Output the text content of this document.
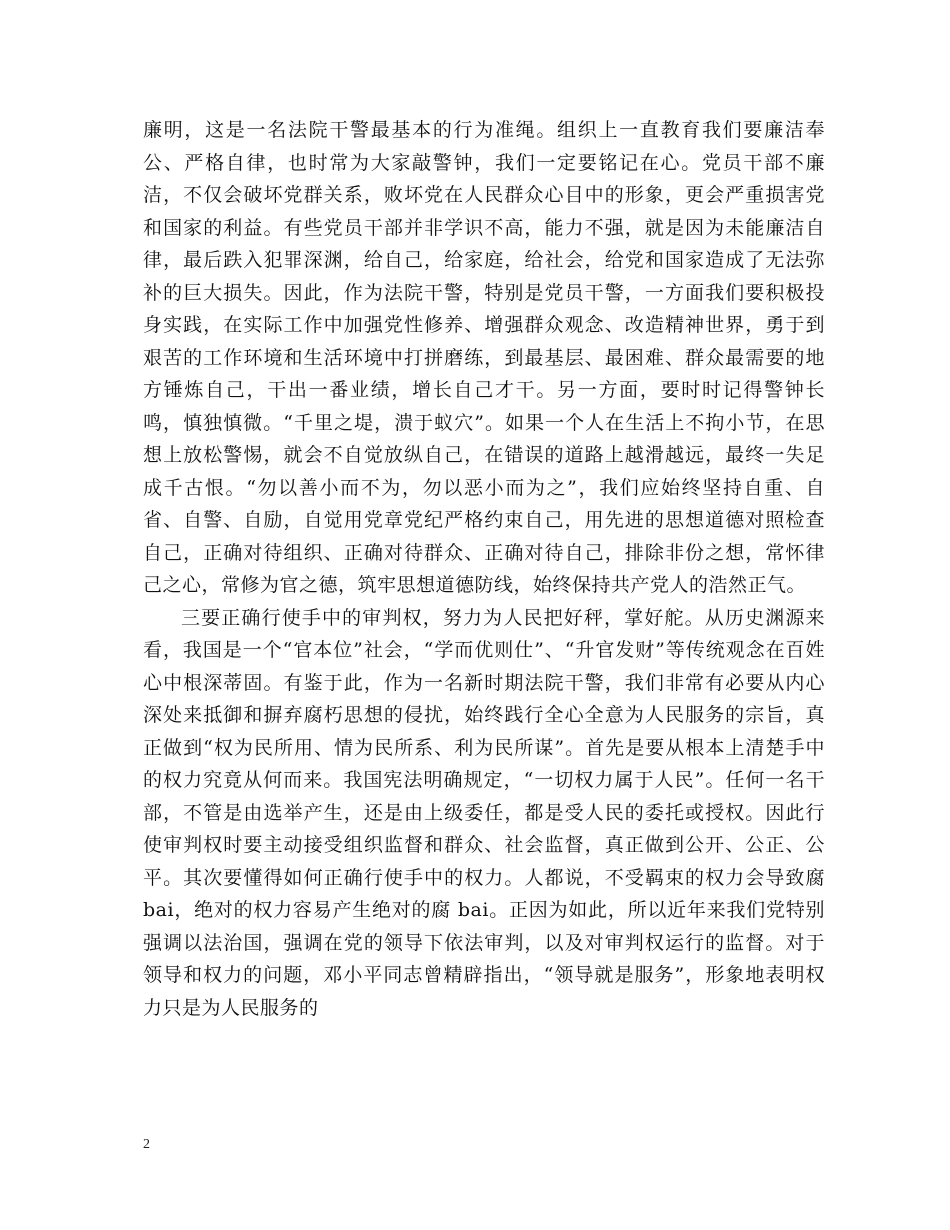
廉明，这是一名法院干警最基本的行为准绳。组织上一直教育我们要廉洁奉公、严格自律，也时常为大家敲警钟，我们一定要铭记在心。党员干部不廉洁，不仅会破坏党群关系，败坏党在人民群众心目中的形象，更会严重损害党和国家的利益。有些党员干部并非学识不高，能力不强，就是因为未能廉洁自律，最后跌入犯罪深渊，给自己，给家庭，给社会，给党和国家造成了无法弥补的巨大损失。因此，作为法院干警，特别是党员干警，一方面我们要积极投身实践，在实际工作中加强党性修养、增强群众观念、改造精神世界，勇于到艰苦的工作环境和生活环境中打拼磨练，到最基层、最困难、群众最需要的地方锤炼自己，干出一番业绩，增长自己才干。另一方面，要时时记得警钟长鸣，慎独慎微。“千里之堤，溃于蚁穴”。如果一个人在生活上不拘小节，在思想上放松警惕，就会不自觉放纵自己，在错误的道路上越滑越远，最终一失足成千古恨。“勿以善小而不为，勿以恶小而为之”，我们应始终坚持自重、自省、自警、自励，自觉用党章党纪严格约束自己，用先进的思想道德对照检查自己，正确对待组织、正确对待群众、正确对待自己，排除非份之想，常怀律己之心，常修为官之德，筑牢思想道德防线，始终保持共产党人的浩然正气。

三要正确行使手中的审判权，努力为人民把好秤，掌好舵。从历史渊源来看，我国是一个“官本位”社会，“学而优则仕”、“升官发财”等传统观念在百姓心中根深蒂固。有鉴于此，作为一名新时期法院干警，我们非常有必要从内心深处来抵御和摒弃腐朽思想的侵扰，始终践行全心全意为人民服务的宗旨，真正做到“权为民所用、情为民所系、利为民所谋”。首先是要从根本上清楚手中的权力究竟从何而来。我国宪法明确规定，“一切权力属于人民”。任何一名干部，不管是由选举产生，还是由上级委任，都是受人民的委托或授权。因此行使审判权时要主动接受组织监督和群众、社会监督，真正做到公开、公正、公平。其次要懂得如何正确行使手中的权力。人都说，不受羁束的权力会导致腐 bai，绝对的权力容易产生绝对的腐 bai。正因为如此，所以近年来我们党特别强调以法治国，强调在党的领导下依法审判，以及对审判权运行的监督。对于领导和权力的问题，邓小平同志曾精辟指出，“领导就是服务”，形象地表明权力只是为人民服务的

2
